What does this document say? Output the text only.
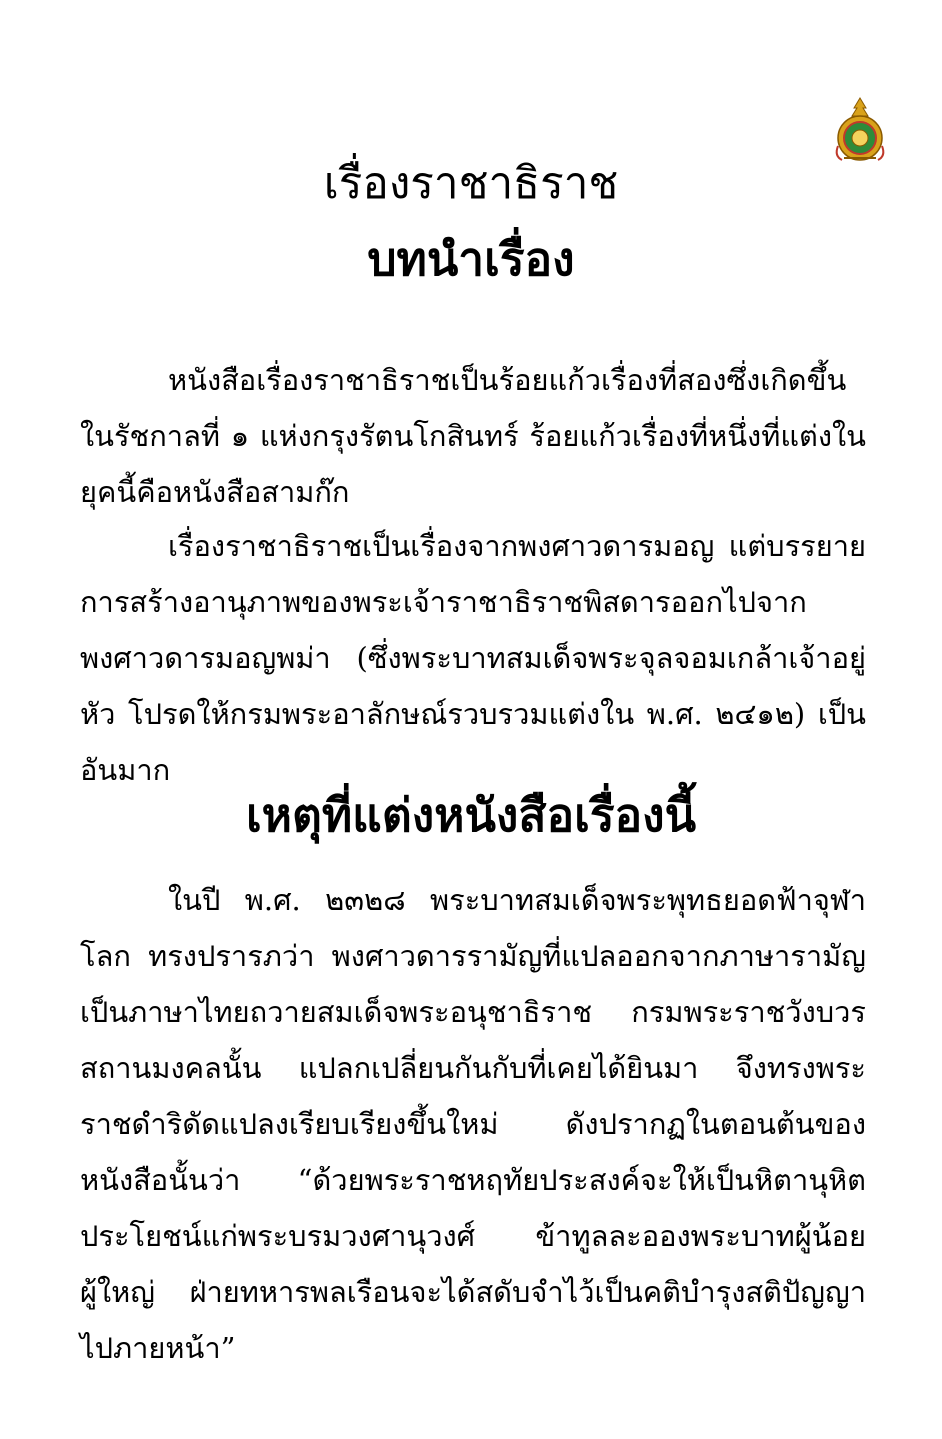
เรื่องราชาธิราช
บทนำเรื่อง

หนังสือเรื่องราชาธิราชเป็นร้อยแก้วเรื่องที่สองซึ่งเกิดขึ้นในรัชกาลที่ ๑ แห่งกรุงรัตนโกสินทร์ ร้อยแก้วเรื่องที่หนึ่งที่แต่งในยุคนี้คือหนังสือสามก๊ก

เรื่องราชาธิราชเป็นเรื่องจากพงศาวดารมอญ แต่บรรยายการสร้างอานุภาพของพระเจ้าราชาธิราชพิสดารออกไปจากพงศาวดารมอญพม่า (ซึ่งพระบาทสมเด็จพระจุลจอมเกล้าเจ้าอยู่หัว โปรดให้กรมพระอาลักษณ์รวบรวมแต่งใน พ.ศ. ๒๔๑๒) เป็นอันมาก

เหตุที่แต่งหนังสือเรื่องนี้

ในปี พ.ศ. ๒๓๒๘ พระบาทสมเด็จพระพุทธยอดฟ้าจุฬาโลก ทรงปรารภว่า พงศาวดารรามัญที่แปลออกจากภาษารามัญเป็นภาษาไทยถวายสมเด็จพระอนุชาธิราช กรมพระราชวังบวรสถานมงคลนั้น แปลกเปลี่ยนกันกับที่เคยได้ยินมา จึงทรงพระราชดำริดัดแปลงเรียบเรียงขึ้นใหม่ ดังปรากฏในตอนต้นของหนังสือนั้นว่า “ด้วยพระราชหฤทัยประสงค์จะให้เป็นหิตานุหิตประโยชน์แก่พระบรมวงศานุวงศ์ ข้าทูลละอองพระบาทผู้น้อยผู้ใหญ่ ฝ่ายทหารพลเรือนจะได้สดับจำไว้เป็นคติบำรุงสติปัญญาไปภายหน้า”
